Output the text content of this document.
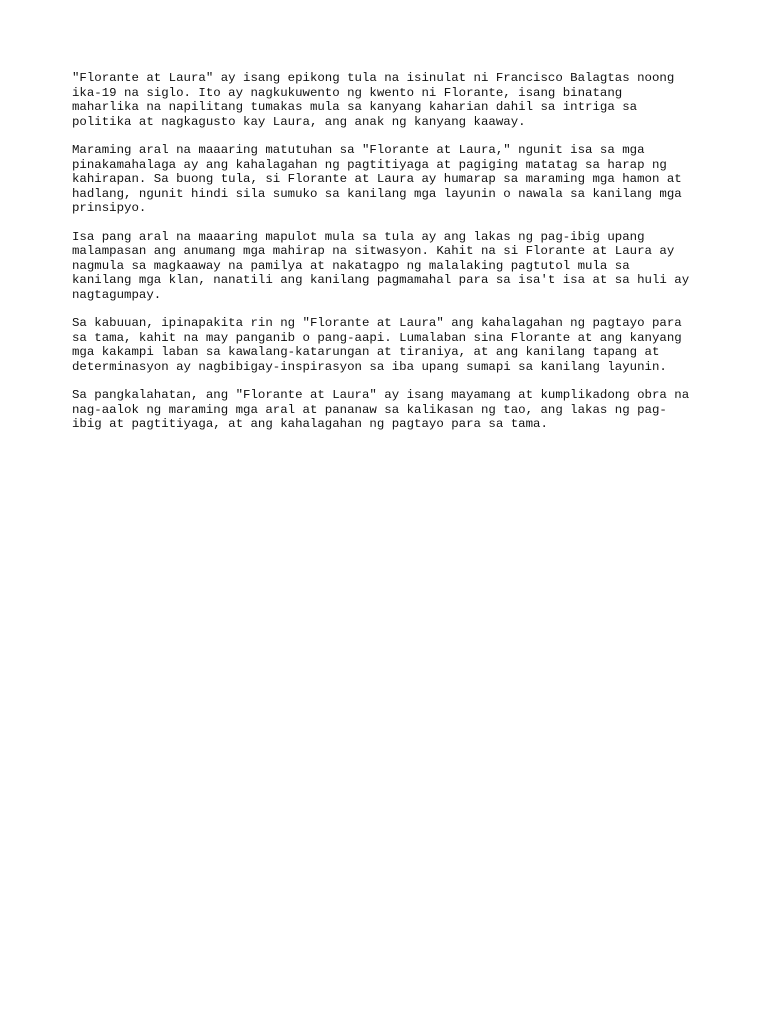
"Florante at Laura" ay isang epikong tula na isinulat ni Francisco Balagtas noong
ika-19 na siglo. Ito ay nagkukuwento ng kwento ni Florante, isang binatang
maharlika na napilitang tumakas mula sa kanyang kaharian dahil sa intriga sa
politika at nagkagusto kay Laura, ang anak ng kanyang kaaway.
Maraming aral na maaaring matutuhan sa "Florante at Laura," ngunit isa sa mga
pinakamahalaga ay ang kahalagahan ng pagtitiyaga at pagiging matatag sa harap ng
kahirapan. Sa buong tula, si Florante at Laura ay humarap sa maraming mga hamon at
hadlang, ngunit hindi sila sumuko sa kanilang mga layunin o nawala sa kanilang mga
prinsipyo.
Isa pang aral na maaaring mapulot mula sa tula ay ang lakas ng pag-ibig upang
malampasan ang anumang mga mahirap na sitwasyon. Kahit na si Florante at Laura ay
nagmula sa magkaaway na pamilya at nakatagpo ng malalaking pagtutol mula sa
kanilang mga klan, nanatili ang kanilang pagmamahal para sa isa't isa at sa huli ay
nagtagumpay.
Sa kabuuan, ipinapakita rin ng "Florante at Laura" ang kahalagahan ng pagtayo para
sa tama, kahit na may panganib o pang-aapi. Lumalaban sina Florante at ang kanyang
mga kakampi laban sa kawalang-katarungan at tiraniya, at ang kanilang tapang at
determinasyon ay nagbibigay-inspirasyon sa iba upang sumapi sa kanilang layunin.
Sa pangkalahatan, ang "Florante at Laura" ay isang mayamang at kumplikadong obra na
nag-aalok ng maraming mga aral at pananaw sa kalikasan ng tao, ang lakas ng pag-
ibig at pagtitiyaga, at ang kahalagahan ng pagtayo para sa tama.
